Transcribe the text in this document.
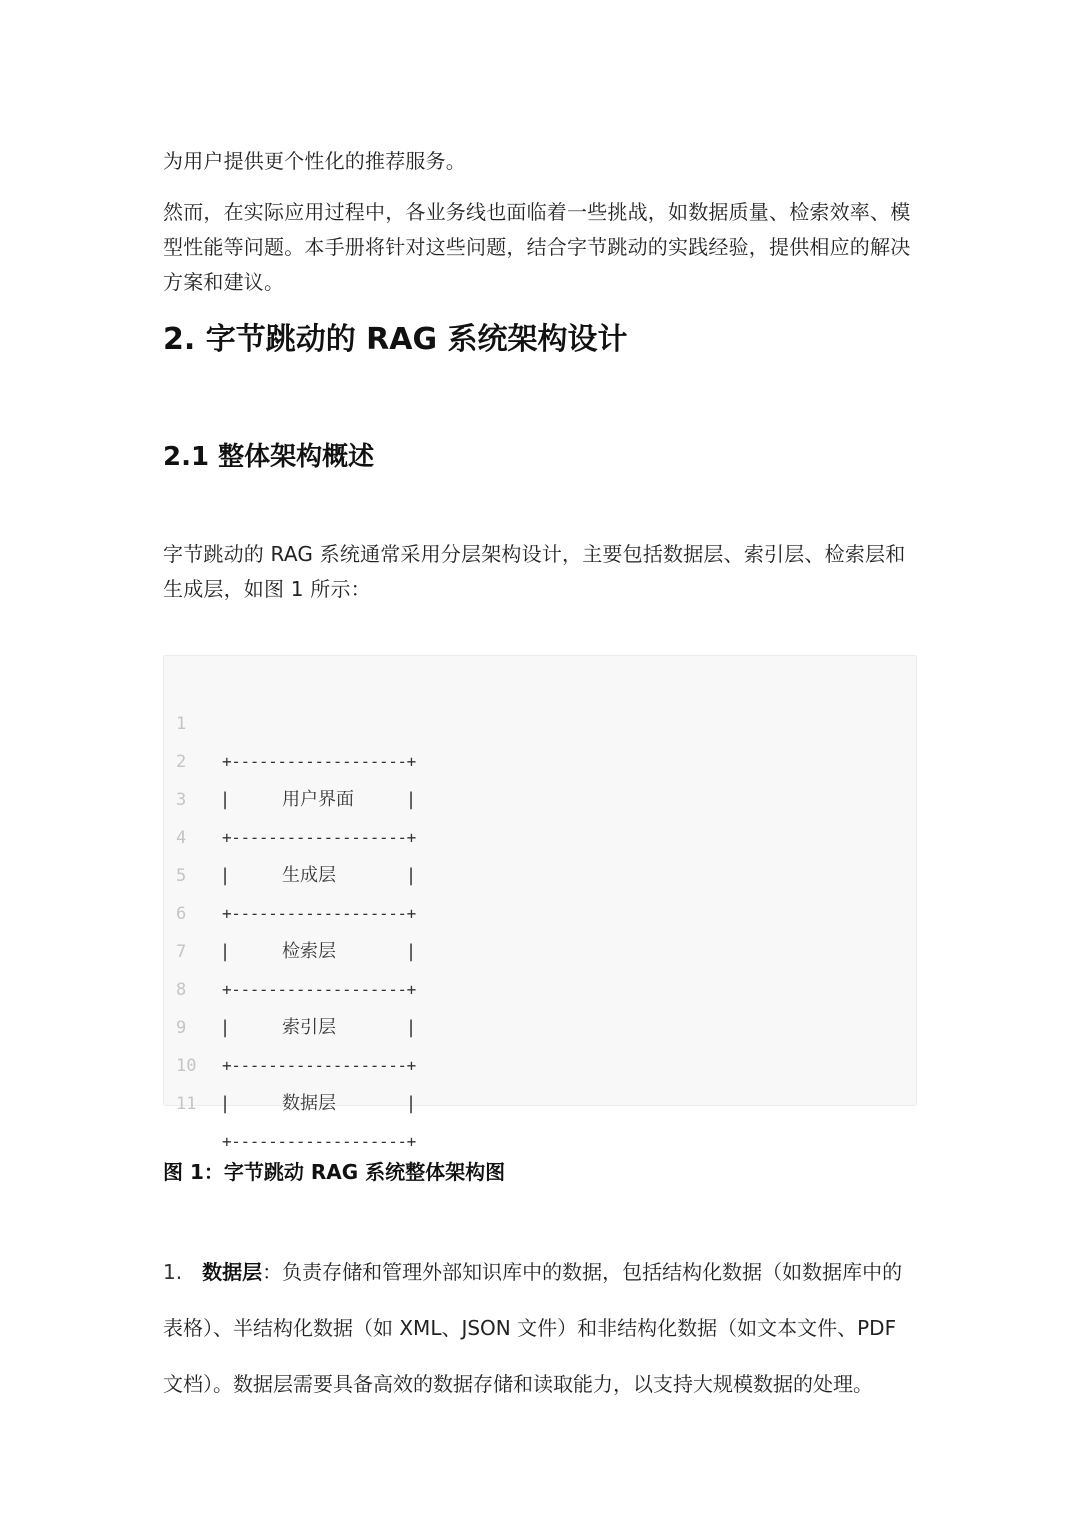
为用户提供更个性化的推荐服务。

然而，在实际应用过程中，各业务线也面临着一些挑战，如数据质量、检索效率、模型性能等问题。本手册将针对这些问题，结合字节跳动的实践经验，提供相应的解决方案和建议。

2. 字节跳动的 RAG 系统架构设计
2.1 整体架构概述

字节跳动的 RAG 系统通常采用分层架构设计，主要包括数据层、索引层、检索层和生成层，如图 1 所示：

1

+-------------------+

2

|

	用户界面

	|

3

+-------------------+

4

|

	生成层

	|

5

+-------------------+

6

|

	检索层

	|

7

+-------------------+

8

|

	索引层

	|

9

+-------------------+

10

|

	数据层

	|

11

+-------------------+

图 1：字节跳动 RAG 系统整体架构图

1. 数据层：负责存储和管理外部知识库中的数据，包括结构化数据（如数据库中的表格）、半结构化数据（如 XML、JSON 文件）和非结构化数据（如文本文件、PDF 文档）。数据层需要具备高效的数据存储和读取能力，以支持大规模数据的处理。
